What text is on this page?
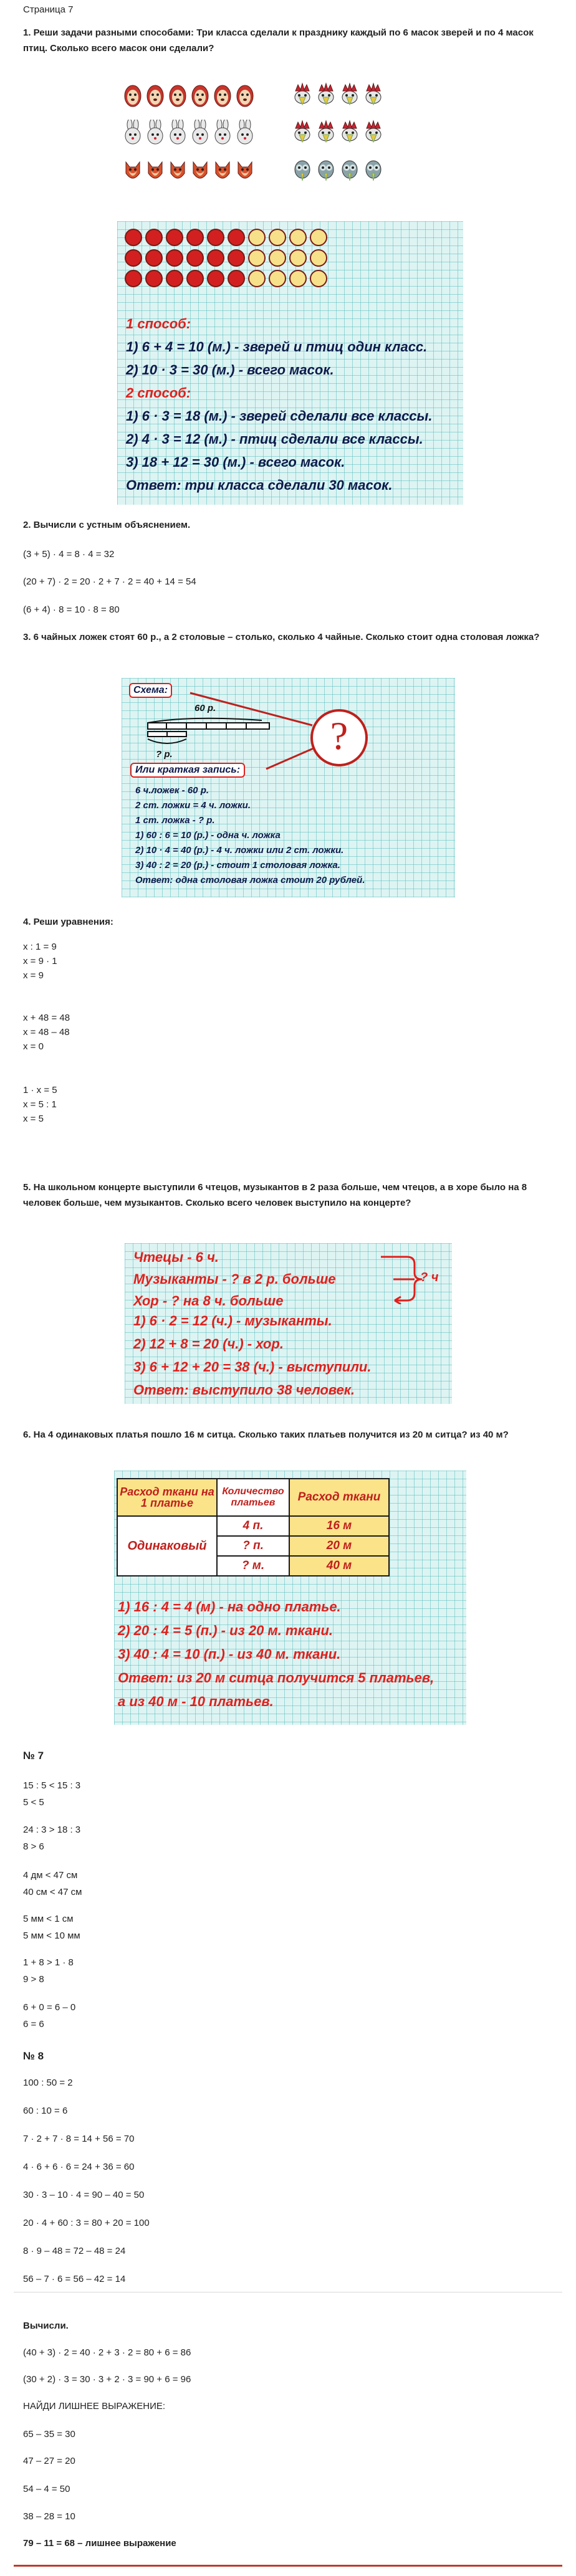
Страница 7

1. Реши задачи разными способами: Три класса сделали к празднику каждый по 6 масок зверей и по 4 масок птиц. Сколько всего масок они сделали?

1 способ:
1) 6 + 4 = 10 (м.) - зверей и птиц один класс.
2) 10 · 3 = 30 (м.) - всего масок.
2 способ:
1) 6 · 3 = 18 (м.) - зверей сделали все классы.
2) 4 · 3 = 12 (м.) - птиц сделали все классы.
3) 18 + 12 = 30 (м.) - всего масок.
Ответ: три класса сделали 30 масок.

2. Вычисли с устным объяснением.

(3 + 5) · 4 = 8 · 4 = 32

(20 + 7) · 2 = 20 · 2 + 7 · 2 = 40 + 14 = 54

(6 + 4) · 8 = 10 · 8 = 80

3. 6 чайных ложек стоят 60 р., а 2 столовые – столько, сколько 4 чайные. Сколько стоит одна столовая ложка?

Схема:
60 р.
? р.	?
Или краткая запись:
6 ч.ложек - 60 р.
2 ст. ложки = 4 ч. ложки.
1 ст. ложка - ? р.
1) 60 : 6 = 10 (р.) - одна ч. ложка
2) 10 · 4 = 40 (р.) - 4 ч. ложки или 2 ст. ложки.
3) 40 : 2 = 20 (р.) - стоит 1 столовая ложка.
Ответ: одна столовая ложка стоит 20 рублей.

4. Реши уравнения:

x : 1 = 9

x = 9 · 1

x = 9

x + 48 = 48

x = 48 – 48

x = 0

1 · x = 5

x = 5 : 1

x = 5

5. На школьном концерте выступили 6 чтецов, музыкантов в 2 раза больше, чем чтецов, а в хоре было на 8 человек больше, чем музыкантов. Сколько всего человек выступило на концерте?

Чтецы - 6 ч.
Музыканты - ? в 2 р. больше
Хор - ? на 8 ч. больше
? ч
1) 6 · 2 = 12 (ч.) - музыканты.
2) 12 + 8 = 20 (ч.) - хор.
3) 6 + 12 + 20 = 38 (ч.) - выступили.
Ответ: выступило 38 человек.

6. На 4 одинаковых платья пошло 16 м ситца. Сколько таких платьев получится из 20 м ситца? из 40 м?

Расход ткани на 1 платье	Количество платьев	Расход ткани
Одинаковый	4 п.	16 м
	? п.	20 м
	? м.	40 м
1) 16 : 4 = 4 (м) - на одно платье.
2) 20 : 4 = 5 (п.) - из 20 м. ткани.
3) 40 : 4 = 10 (п.) - из 40 м. ткани.
Ответ: из 20 м ситца получится 5 платьев,
а из 40 м - 10 платьев.

№ 7

15 : 5 < 15 : 3

5 < 5

24 : 3 > 18 : 3

8 > 6

4 дм < 47 см

40 см < 47 см

5 мм < 1 см

5 мм < 10 мм

1 + 8 > 1 · 8

9 > 8

6 + 0 = 6 – 0

6 = 6

№ 8

100 : 50 = 2

60 : 10 = 6

7 · 2 + 7 · 8 = 14 + 56 = 70

4 · 6 + 6 · 6 = 24 + 36 = 60

30 · 3 – 10 · 4 = 90 – 40 = 50

20 · 4 + 60 : 3 = 80 + 20 = 100

8 · 9 – 48 = 72 – 48 = 24

56 – 7 · 6 = 56 – 42 = 14

Вычисли.

(40 + 3) · 2 = 40 · 2 + 3 · 2 = 80 + 6 = 86

(30 + 2) · 3 = 30 · 3 + 2 · 3 = 90 + 6 = 96

НАЙДИ ЛИШНЕЕ ВЫРАЖЕНИЕ:

65 – 35 = 30

47 – 27 = 20

54 – 4 = 50

38 – 28 = 10

79 – 11 = 68 – лишнее выражение
